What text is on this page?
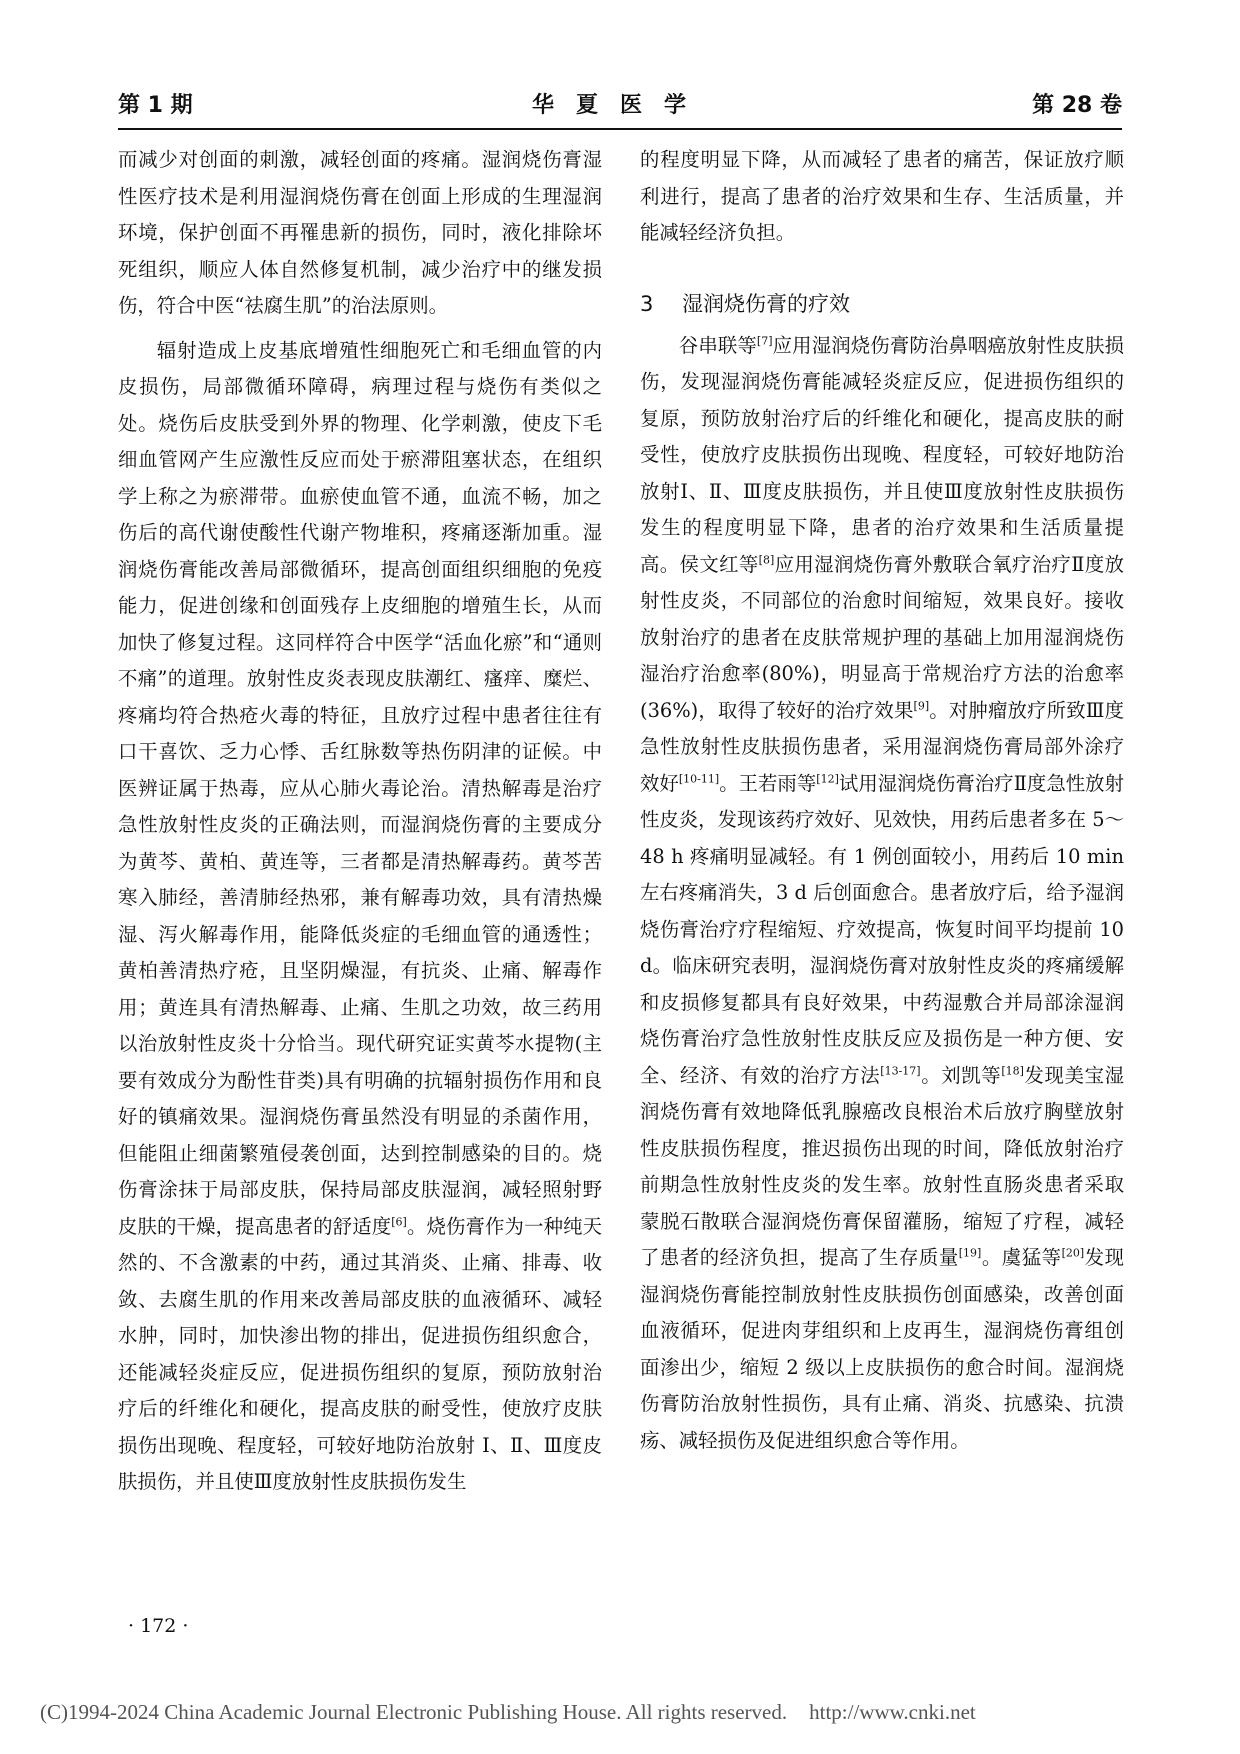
第 1 期	华夏医学	第 28 卷

而减少对创面的刺激，减轻创面的疼痛。湿润烧伤膏湿性医疗技术是利用湿润烧伤膏在创面上形成的生理湿润环境，保护创面不再罹患新的损伤，同时，液化排除坏死组织，顺应人体自然修复机制，减少治疗中的继发损伤，符合中医“祛腐生肌”的治法原则。

辐射造成上皮基底增殖性细胞死亡和毛细血管的内皮损伤，局部微循环障碍，病理过程与烧伤有类似之处。烧伤后皮肤受到外界的物理、化学刺激，使皮下毛细血管网产生应激性反应而处于瘀滞阻塞状态，在组织学上称之为瘀滞带。血瘀使血管不通，血流不畅，加之伤后的高代谢使酸性代谢产物堆积，疼痛逐渐加重。湿润烧伤膏能改善局部微循环，提高创面组织细胞的免疫能力，促进创缘和创面残存上皮细胞的增殖生长，从而加快了修复过程。这同样符合中医学“活血化瘀”和“通则不痛”的道理。放射性皮炎表现皮肤潮红、瘙痒、糜烂、疼痛均符合热疮火毒的特征，且放疗过程中患者往往有口干喜饮、乏力心悸、舌红脉数等热伤阴津的证候。中医辨证属于热毒，应从心肺火毒论治。清热解毒是治疗急性放射性皮炎的正确法则，而湿润烧伤膏的主要成分为黄芩、黄柏、黄连等，三者都是清热解毒药。黄芩苦寒入肺经，善清肺经热邪，兼有解毒功效，具有清热燥湿、泻火解毒作用，能降低炎症的毛细血管的通透性；黄柏善清热疗疮，且坚阴燥湿，有抗炎、止痛、解毒作用；黄连具有清热解毒、止痛、生肌之功效，故三药用以治放射性皮炎十分恰当。现代研究证实黄芩水提物(主要有效成分为酚性苷类)具有明确的抗辐射损伤作用和良好的镇痛效果。湿润烧伤膏虽然没有明显的杀菌作用，但能阻止细菌繁殖侵袭创面，达到控制感染的目的。烧伤膏涂抹于局部皮肤，保持局部皮肤湿润，减轻照射野皮肤的干燥，提高患者的舒适度[6]。烧伤膏作为一种纯天然的、不含激素的中药，通过其消炎、止痛、排毒、收敛、去腐生肌的作用来改善局部皮肤的血液循环、减轻水肿，同时，加快渗出物的排出，促进损伤组织愈合，还能减轻炎症反应，促进损伤组织的复原，预防放射治疗后的纤维化和硬化，提高皮肤的耐受性，使放疗皮肤损伤出现晚、程度轻，可较好地防治放射 Ⅰ、Ⅱ、Ⅲ度皮肤损伤，并且使Ⅲ度放射性皮肤损伤发生

的程度明显下降，从而减轻了患者的痛苦，保证放疗顺利进行，提高了患者的治疗效果和生存、生活质量，并能减轻经济负担。

3 湿润烧伤膏的疗效

谷串联等[7]应用湿润烧伤膏防治鼻咽癌放射性皮肤损伤，发现湿润烧伤膏能减轻炎症反应，促进损伤组织的复原，预防放射治疗后的纤维化和硬化，提高皮肤的耐受性，使放疗皮肤损伤出现晚、程度轻，可较好地防治放射Ⅰ、Ⅱ、Ⅲ度皮肤损伤，并且使Ⅲ度放射性皮肤损伤发生的程度明显下降，患者的治疗效果和生活质量提高。侯文红等[8]应用湿润烧伤膏外敷联合氧疗治疗Ⅱ度放射性皮炎，不同部位的治愈时间缩短，效果良好。接收放射治疗的患者在皮肤常规护理的基础上加用湿润烧伤湿治疗治愈率(80%)，明显高于常规治疗方法的治愈率(36%)，取得了较好的治疗效果[9]。对肿瘤放疗所致Ⅲ度急性放射性皮肤损伤患者，采用湿润烧伤膏局部外涂疗效好[10-11]。王若雨等[12]试用湿润烧伤膏治疗Ⅱ度急性放射性皮炎，发现该药疗效好、见效快，用药后患者多在 5～48 h 疼痛明显减轻。有 1 例创面较小，用药后 10 min 左右疼痛消失，3 d 后创面愈合。患者放疗后，给予湿润烧伤膏治疗疗程缩短、疗效提高，恢复时间平均提前 10 d。临床研究表明，湿润烧伤膏对放射性皮炎的疼痛缓解和皮损修复都具有良好效果，中药湿敷合并局部涂湿润烧伤膏治疗急性放射性皮肤反应及损伤是一种方便、安全、经济、有效的治疗方法[13-17]。刘凯等[18]发现美宝湿润烧伤膏有效地降低乳腺癌改良根治术后放疗胸壁放射性皮肤损伤程度，推迟损伤出现的时间，降低放射治疗前期急性放射性皮炎的发生率。放射性直肠炎患者采取蒙脱石散联合湿润烧伤膏保留灌肠，缩短了疗程，减轻了患者的经济负担，提高了生存质量[19]。虞猛等[20]发现湿润烧伤膏能控制放射性皮肤损伤创面感染，改善创面血液循环，促进肉芽组织和上皮再生，湿润烧伤膏组创面渗出少，缩短 2 级以上皮肤损伤的愈合时间。湿润烧伤膏防治放射性损伤，具有止痛、消炎、抗感染、抗溃疡、减轻损伤及促进组织愈合等作用。

· 172 ·
(C)1994-2024 China Academic Journal Electronic Publishing House. All rights reserved. http://www.cnki.net
